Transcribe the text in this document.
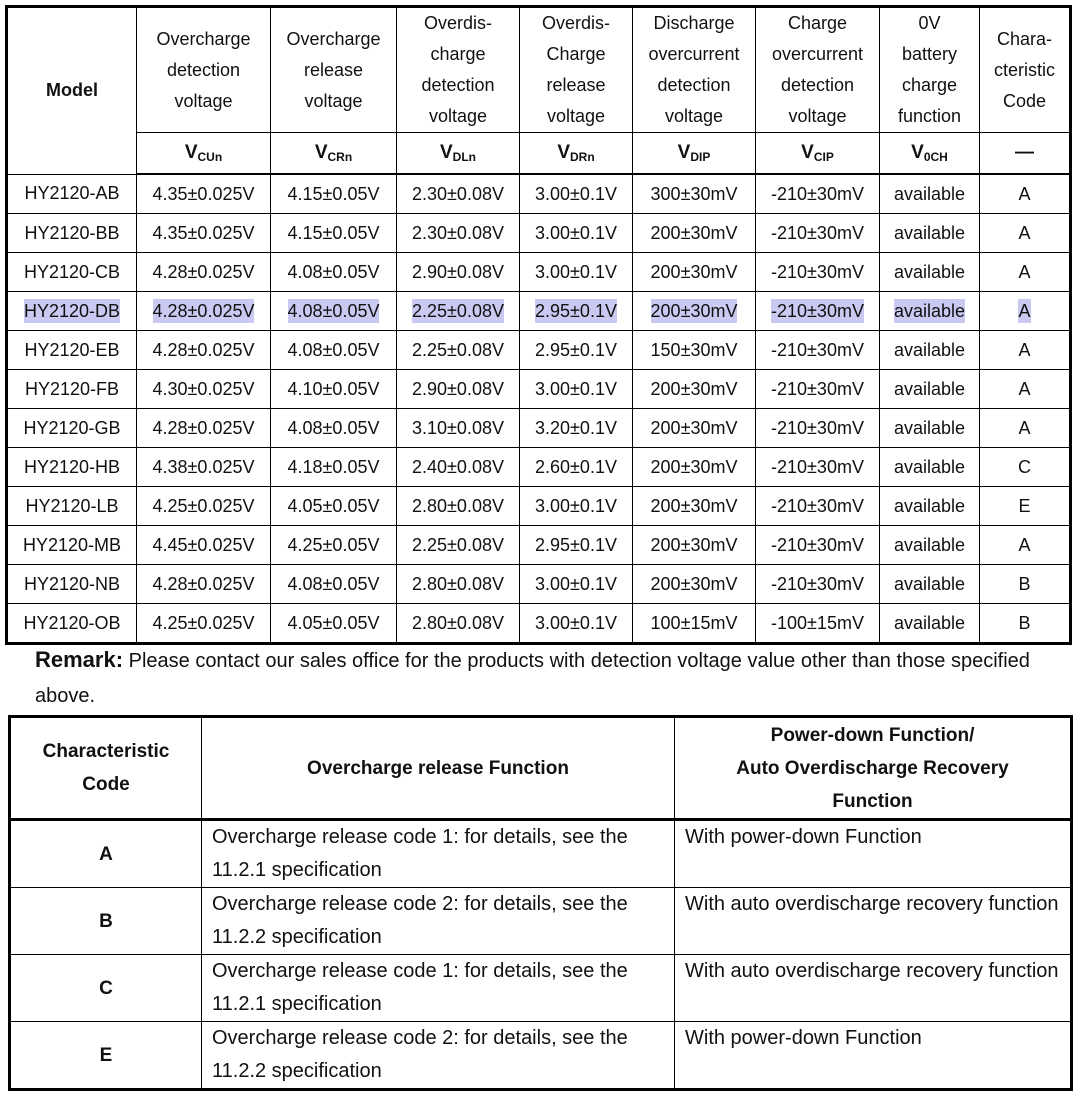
Model	Overcharge
detection
voltage	Overcharge
release
voltage	Overdis-
charge
detection
voltage	Overdis-
Charge
release
voltage	Discharge
overcurrent
detection
voltage	Charge
overcurrent
detection
voltage	0V
battery
charge
function	Chara-
cteristic
Code
	$V_{CUn}$	$V_{CRn}$	$V_{DLn}$	$V_{DRn}$	$V_{DIP}$	$V_{CIP}$	$V_{0CH}$	—
HY2120-AB	4.35±0.025V	4.15±0.05V	2.30±0.08V	3.00±0.1V	300±30mV	-210±30mV	available	A
HY2120-BB	4.35±0.025V	4.15±0.05V	2.30±0.08V	3.00±0.1V	200±30mV	-210±30mV	available	A
HY2120-CB	4.28±0.025V	4.08±0.05V	2.90±0.08V	3.00±0.1V	200±30mV	-210±30mV	available	A
HY2120-DB	4.28±0.025V	4.08±0.05V	2.25±0.08V	2.95±0.1V	200±30mV	-210±30mV	available	A
HY2120-EB	4.28±0.025V	4.08±0.05V	2.25±0.08V	2.95±0.1V	150±30mV	-210±30mV	available	A
HY2120-FB	4.30±0.025V	4.10±0.05V	2.90±0.08V	3.00±0.1V	200±30mV	-210±30mV	available	A
HY2120-GB	4.28±0.025V	4.08±0.05V	3.10±0.08V	3.20±0.1V	200±30mV	-210±30mV	available	A
HY2120-HB	4.38±0.025V	4.18±0.05V	2.40±0.08V	2.60±0.1V	200±30mV	-210±30mV	available	C
HY2120-LB	4.25±0.025V	4.05±0.05V	2.80±0.08V	3.00±0.1V	200±30mV	-210±30mV	available	E
HY2120-MB	4.45±0.025V	4.25±0.05V	2.25±0.08V	2.95±0.1V	200±30mV	-210±30mV	available	A
HY2120-NB	4.28±0.025V	4.08±0.05V	2.80±0.08V	3.00±0.1V	200±30mV	-210±30mV	available	B
HY2120-OB	4.25±0.025V	4.05±0.05V	2.80±0.08V	3.00±0.1V	100±15mV	-100±15mV	available	B

Remark: Please contact our sales office for the products with detection voltage value other than those specified above.

Characteristic
Code	Overcharge release Function	Power-down Function/
Auto Overdischarge Recovery
Function
A	Overcharge release code 1: for details, see the 11.2.1 specification	With power-down Function
B	Overcharge release code 2: for details, see the 11.2.2 specification	With auto overdischarge recovery function
C	Overcharge release code 1: for details, see the 11.2.1 specification	With auto overdischarge recovery function
E	Overcharge release code 2: for details, see the 11.2.2 specification	With power-down Function
